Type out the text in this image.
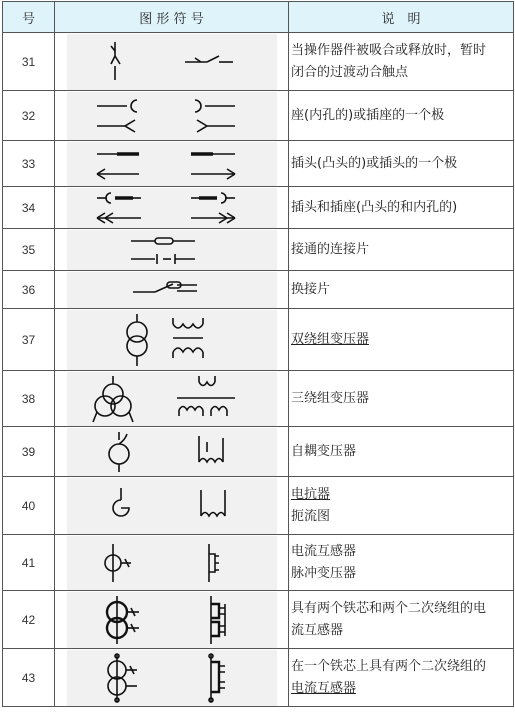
号	图 形 符 号	说　明
31		当操作器件被吸合或释放时，暂时
闭合的过渡动合触点

32		座(内孔的)或插座的一个极

33		插头(凸头的)或插头的一个极

34		插头和插座(凸头的和内孔的)

35		接通的连接片

36		换接片

37		双绕组变压器

38		三绕组变压器

39		自耦变压器

40		电抗器
扼流图

41		电流互感器
脉冲变压器

42		具有两个铁芯和两个二次绕组的电
流互感器

43		在一个铁芯上具有两个二次绕组的
电流互感器
